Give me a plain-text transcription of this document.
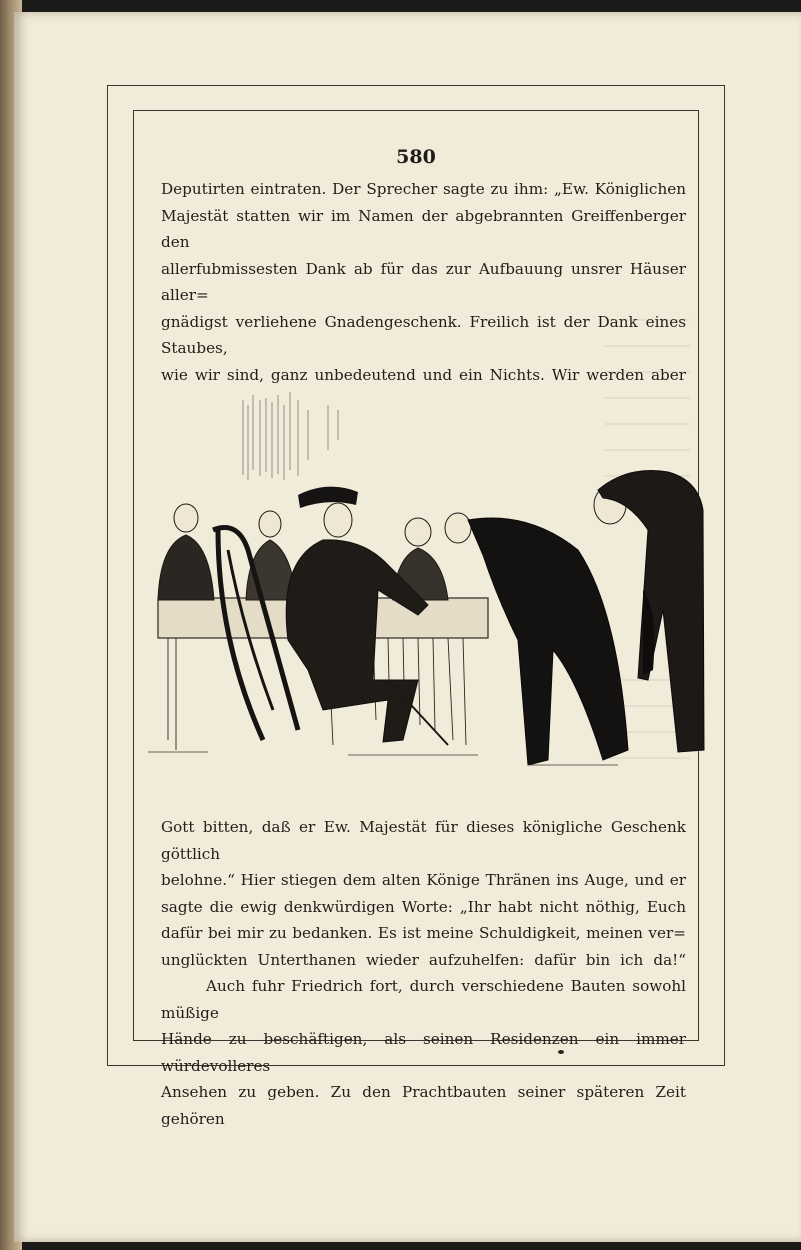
580

Deputirten eintraten. Der Sprecher sagte zu ihm: „Ew. Königlichen

Majestät statten wir im Namen der abgebrannten Greiffenberger den

allerfubmissesten Dank ab für das zur Aufbauung unsrer Häuser aller=

gnädigst verliehene Gnadengeschenk. Freilich ist der Dank eines Staubes,

wie wir sind, ganz unbedeutend und ein Nichts. Wir werden aber

Gott bitten, daß er Ew. Majestät für dieses königliche Geschenk göttlich

belohne.“ Hier stiegen dem alten Könige Thränen ins Auge, und er

sagte die ewig denkwürdigen Worte: „Ihr habt nicht nöthig, Euch

dafür bei mir zu bedanken. Es ist meine Schuldigkeit, meinen ver=

unglückten Unterthanen wieder aufzuhelfen: dafür bin ich da!“

Auch fuhr Friedrich fort, durch verschiedene Bauten sowohl müßige

Hände zu beschäftigen, als seinen Residenzen ein immer würdevolleres

Ansehen zu geben. Zu den Prachtbauten seiner späteren Zeit gehören
